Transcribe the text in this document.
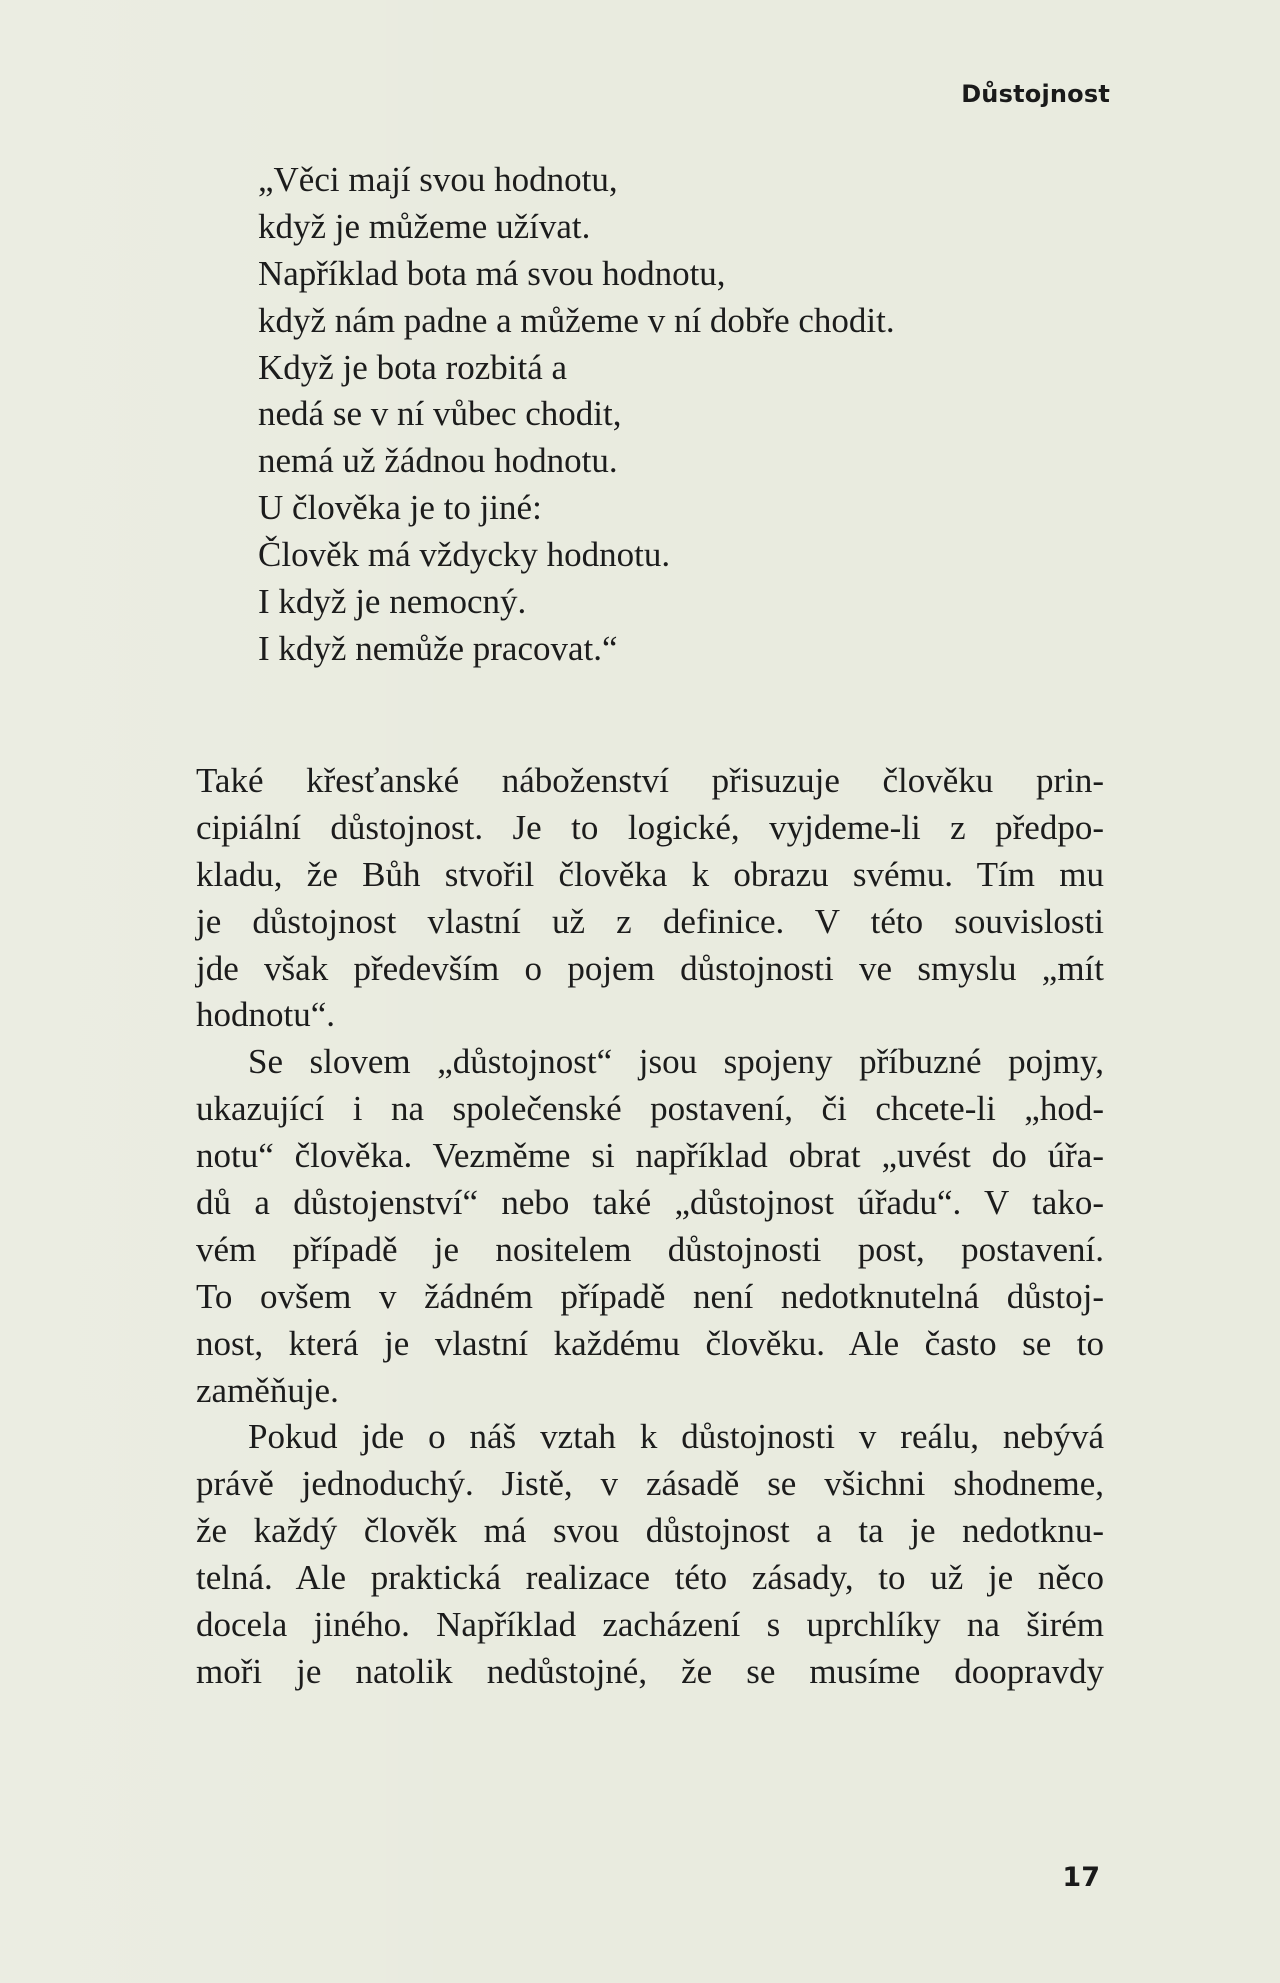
Důstojnost
„Věci mají svou hodnotu,
když je můžeme užívat.
Například bota má svou hodnotu,
když nám padne a můžeme v ní dobře chodit.
Když je bota rozbitá a
nedá se v ní vůbec chodit,
nemá už žádnou hodnotu.
U člověka je to jiné:
Člověk má vždycky hodnotu.
I když je nemocný.
I když nemůže pracovat.“
Také křesťanské náboženství přisuzuje člověku prin-
cipiální důstojnost. Je to logické, vyjdeme-li z předpo-
kladu, že Bůh stvořil člověka k obrazu svému. Tím mu
je důstojnost vlastní už z definice. V této souvislosti
jde však především o pojem důstojnosti ve smyslu „mít
hodnotu“.
Se slovem „důstojnost“ jsou spojeny příbuzné pojmy,
ukazující i na společenské postavení, či chcete-li „hod-
notu“ člověka. Vezměme si například obrat „uvést do úřa-
dů a důstojenství“ nebo také „důstojnost úřadu“. V tako-
vém případě je nositelem důstojnosti post, postavení.
To ovšem v žádném případě není nedotknutelná důstoj-
nost, která je vlastní každému člověku. Ale často se to
zaměňuje.
Pokud jde o náš vztah k důstojnosti v reálu, nebývá
právě jednoduchý. Jistě, v zásadě se všichni shodneme,
že každý člověk má svou důstojnost a ta je nedotknu-
telná. Ale praktická realizace této zásady, to už je něco
docela jiného. Například zacházení s uprchlíky na širém
moři je natolik nedůstojné, že se musíme doopravdy
17
